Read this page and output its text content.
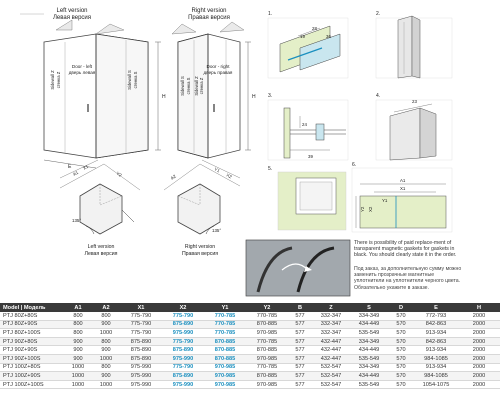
Left version
Левая версия
Right version
Правая версия
Door - left
дверь левая
Sidewall Z стенка Z	Sidewall S стенка S
Door - right
дверь правая
Sidewall S стенка S Sidewall Z стенка Z
H	H
E
A1
X1
Y2
135°
Left version
Левая версия
A2
Y1
X2
135°
Right version
Правая версия
1.	2.
3.	4.
5.
6.
28
19	36
24
39
23
A1
X1
Y1
Y2 X2
There is possibility of paid replace-ment of transparent magnetic gaskets for gaskets in black. You should clearly state it in the order.
Под заказ, за дополнительную сумму можно заменить прозрачные магнитные уплотнители на уплотнители черного цвета. Обязательно укажите в заказе.
Model | Модель	A1	A2	X1	X2	Y1	Y2	B	Z	S	D	E	H
PTJ 80Z+80S	800	800	775-790	775-790	770-785	770-785	577	332-347	334-349	570	772-793	2000
PTJ 80Z+90S	800	900	775-790	875-890	770-785	870-885	577	332-347	434-449	570	842-863	2000
PTJ 80Z+100S	800	1000	775-790	975-990	770-785	970-985	577	332-347	535-549	570	913-934	2000
PTJ 90Z+80S	900	800	875-890	775-790	870-885	770-785	577	432-447	334-349	570	842-863	2000
PTJ 90Z+90S	900	900	875-890	875-890	870-885	870-885	577	432-447	434-449	570	913-934	2000
PTJ 90Z+100S	900	1000	875-890	975-990	870-885	970-985	577	432-447	535-549	570	984-1085	2000
PTJ 100Z+80S	1000	800	975-990	775-790	970-985	770-785	577	532-547	334-349	570	913-934	2000
PTJ 100Z+90S	1000	900	975-990	875-890	970-985	870-885	577	532-547	434-449	570	984-1085	2000
PTJ 100Z+100S	1000	1000	975-990	975-990	970-985	970-985	577	532-547	535-549	570	1054-1075	2000
